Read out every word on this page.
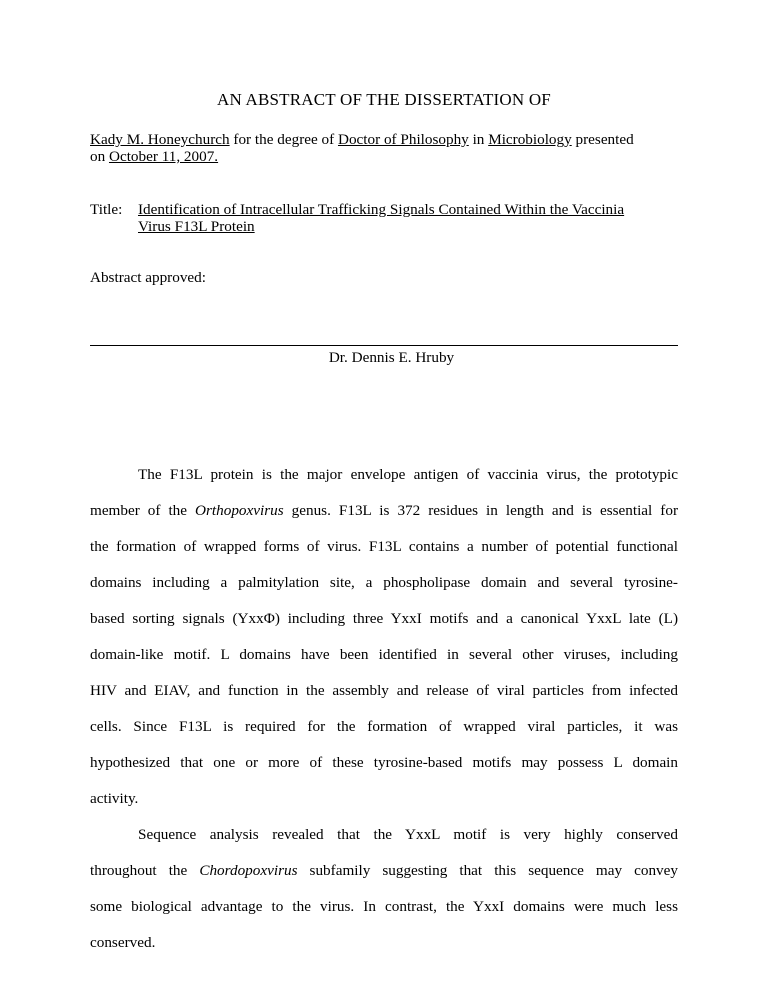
AN ABSTRACT OF THE DISSERTATION OF
Kady M. Honeychurch for the degree of Doctor of Philosophy in Microbiology presented
on October 11, 2007.
Title: Identification of Intracellular Trafficking Signals Contained Within the Vaccinia
Virus F13L Protein
Abstract approved:
Dr. Dennis E. Hruby
The F13L protein is the major envelope antigen of vaccinia virus, the prototypic
member of the Orthopoxvirus genus. F13L is 372 residues in length and is essential for
the formation of wrapped forms of virus. F13L contains a number of potential functional
domains including a palmitylation site, a phospholipase domain and several tyrosine-
based sorting signals (YxxΦ) including three YxxI motifs and a canonical YxxL late (L)
domain-like motif. L domains have been identified in several other viruses, including
HIV and EIAV, and function in the assembly and release of viral particles from infected
cells. Since F13L is required for the formation of wrapped viral particles, it was
hypothesized that one or more of these tyrosine-based motifs may possess L domain
activity.
Sequence analysis revealed that the YxxL motif is very highly conserved
throughout the Chordopoxvirus subfamily suggesting that this sequence may convey
some biological advantage to the virus. In contrast, the YxxI domains were much less
conserved.
